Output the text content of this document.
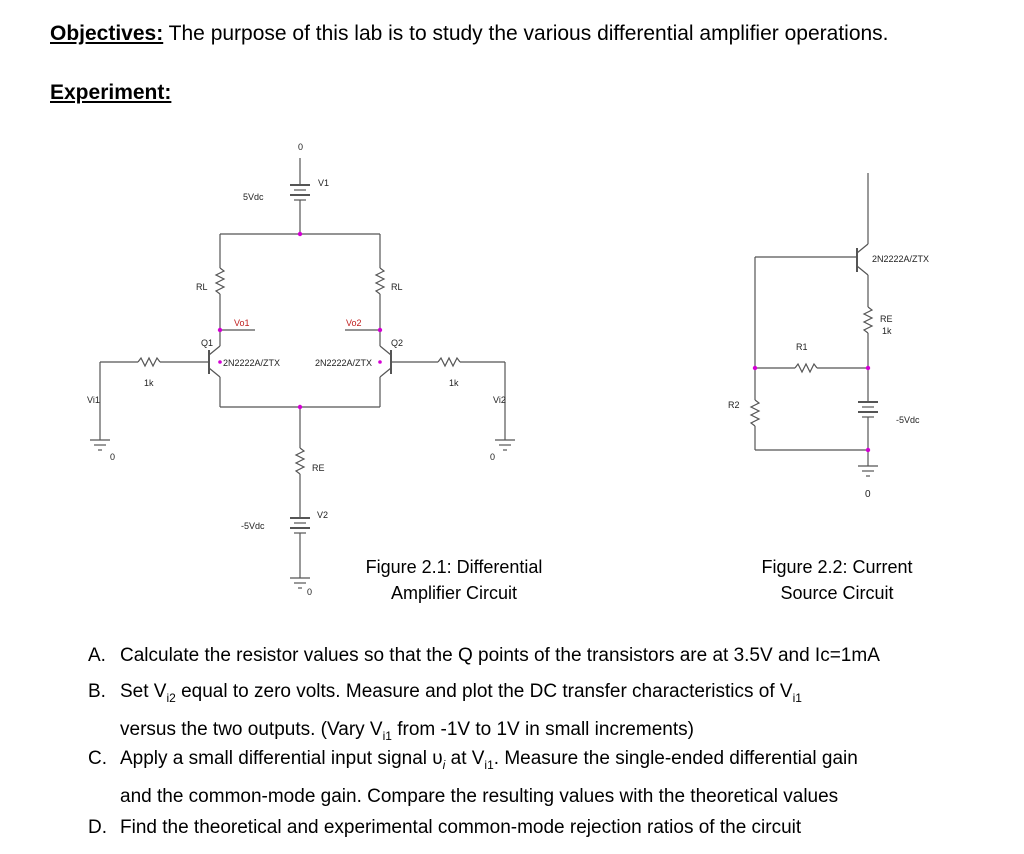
Objectives: The purpose of this lab is to study the various differential amplifier operations.
Experiment:
0
V1
5Vdc
RL	RL
Vo1	Vo2
Q1	Q2
2N2222A/ZTX	2N2222A/ZTX
1k	1k
Vi1	Vi2
0	0
RE
V2
-5Vdc
0
2N2222A/ZTX
RE
1k
R1
R2
-5Vdc
0
Figure 2.1: Differential
Amplifier Circuit
Figure 2.2: Current
Source Circuit
A. Calculate the resistor values so that the Q points of the transistors are at 3.5V and Ic=1mA
B. Set $V_{i2}$ equal to zero volts. Measure and plot the DC transfer characteristics of $V_{i1}$
versus the two outputs. (Vary $V_{i1}$ from -1V to 1V in small increments)
C. Apply a small differential input signal $\upsilon_i$ at $V_{i1}$. Measure the single-ended differential gain
and the common-mode gain. Compare the resulting values with the theoretical values
D. Find the theoretical and experimental common-mode rejection ratios of the circuit
